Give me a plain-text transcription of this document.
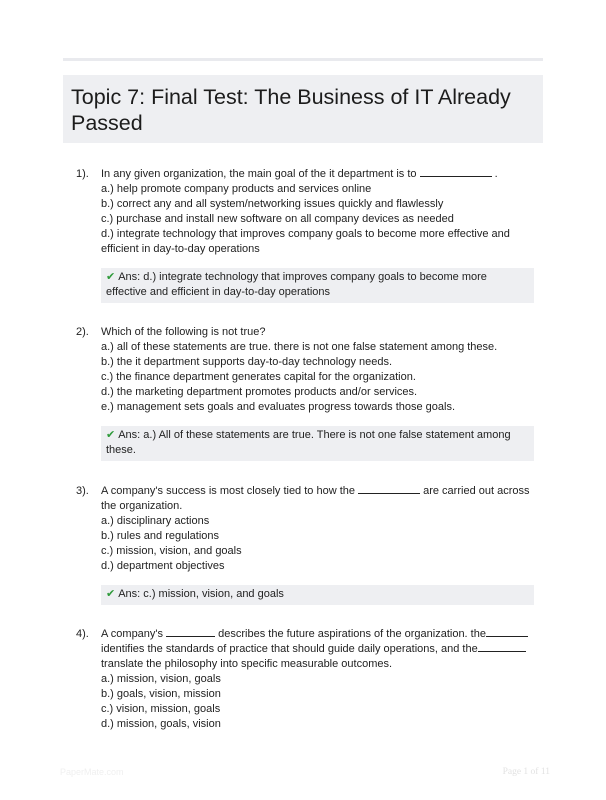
Topic 7: Final Test: The Business of IT Already Passed
1). In any given organization, the main goal of the it department is to	.
a.) help promote company products and services online
b.) correct any and all system/networking issues quickly and flawlessly
c.) purchase and install new software on all company devices as needed
d.) integrate technology that improves company goals to become more effective and efficient in day-to-day operations
✔ Ans: d.) integrate technology that improves company goals to become more effective and efficient in day-to-day operations
2). Which of the following is not true?
a.) all of these statements are true. there is not one false statement among these.
b.) the it department supports day-to-day technology needs.
c.) the finance department generates capital for the organization.
d.) the marketing department promotes products and/or services.
e.) management sets goals and evaluates progress towards those goals.
✔ Ans: a.) All of these statements are true. There is not one false statement among these.
3). A company's success is most closely tied to how the	are carried out across the organization.
a.) disciplinary actions
b.) rules and regulations
c.) mission, vision, and goals
d.) department objectives
✔ Ans: c.) mission, vision, and goals
4). A company's	describes the future aspirations of the organization. the
identifies the standards of practice that should guide daily operations, and the
translate the philosophy into specific measurable outcomes.
a.) mission, vision, goals
b.) goals, vision, mission
c.) vision, mission, goals
d.) mission, goals, vision
PaperMate.com	Page 1 of 11
